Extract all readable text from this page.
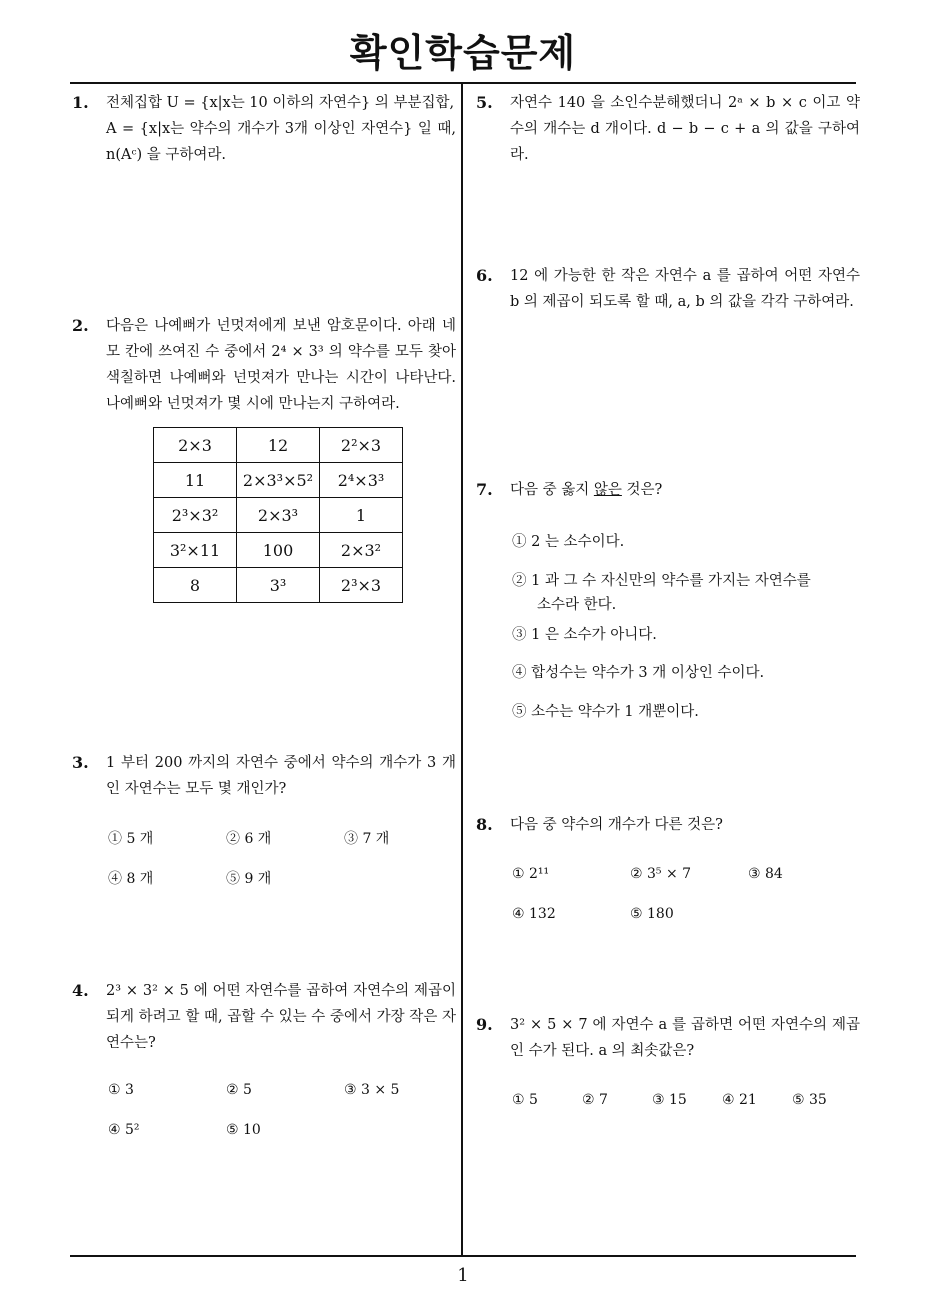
확인학습문제
1
1. 전체집합 U = {x|x는 10 이하의 자연수} 의 부분집합,

A = {x|x는 약수의 개수가 3개 이상인 자연수} 일 때, n(Aᶜ) 을 구하여라.

2. 다음은 나예뻐가 넌멋져에게 보낸 암호문이다. 아래 네모 칸에 쓰여진 수 중에서 2⁴ × 3³ 의 약수를 모두 찾아 색칠하면 나예뻐와 넌멋져가 만나는 시간이 나타난다. 나예뻐와 넌멋져가 몇 시에 만나는지 구하여라.

2×3	12	2²×3
11	2×3³×5²	2⁴×3³
2³×3²	2×3³	1
3²×11	100	2×3²
8	3³	2³×3
3. 1 부터 200 까지의 자연수 중에서 약수의 개수가 3 개인 자연수는 모두 몇 개인가?

① 5 개	② 6 개	③ 7 개
④ 8 개	⑤ 9 개
4. 2³ × 3² × 5 에 어떤 자연수를 곱하여 자연수의 제곱이 되게 하려고 할 때, 곱할 수 있는 수 중에서 가장 작은 자연수는?

① 3	② 5	③ 3 × 5
④ 5²	⑤ 10
5. 자연수 140 을 소인수분해했더니 2ᵃ × b × c 이고 약수의 개수는 d 개이다. d − b − c + a 의 값을 구하여라.

6. 12 에 가능한 한 작은 자연수 a 를 곱하여 어떤 자연수 b 의 제곱이 되도록 할 때, a, b 의 값을 각각 구하여라.

7. 다음 중 옳지 않은 것은?

① 2 는 소수이다.
② 1 과 그 수 자신만의 약수를 가지는 자연수를
소수라 한다.
③ 1 은 소수가 아니다.
④ 합성수는 약수가 3 개 이상인 수이다.
⑤ 소수는 약수가 1 개뿐이다.
8. 다음 중 약수의 개수가 다른 것은?

① 2¹¹	② 3⁵ × 7	③ 84
④ 132	⑤ 180
9. 3² × 5 × 7 에 자연수 a 를 곱하면 어떤 자연수의 제곱인 수가 된다. a 의 최솟값은?

① 5	② 7	③ 15	④ 21	⑤ 35
